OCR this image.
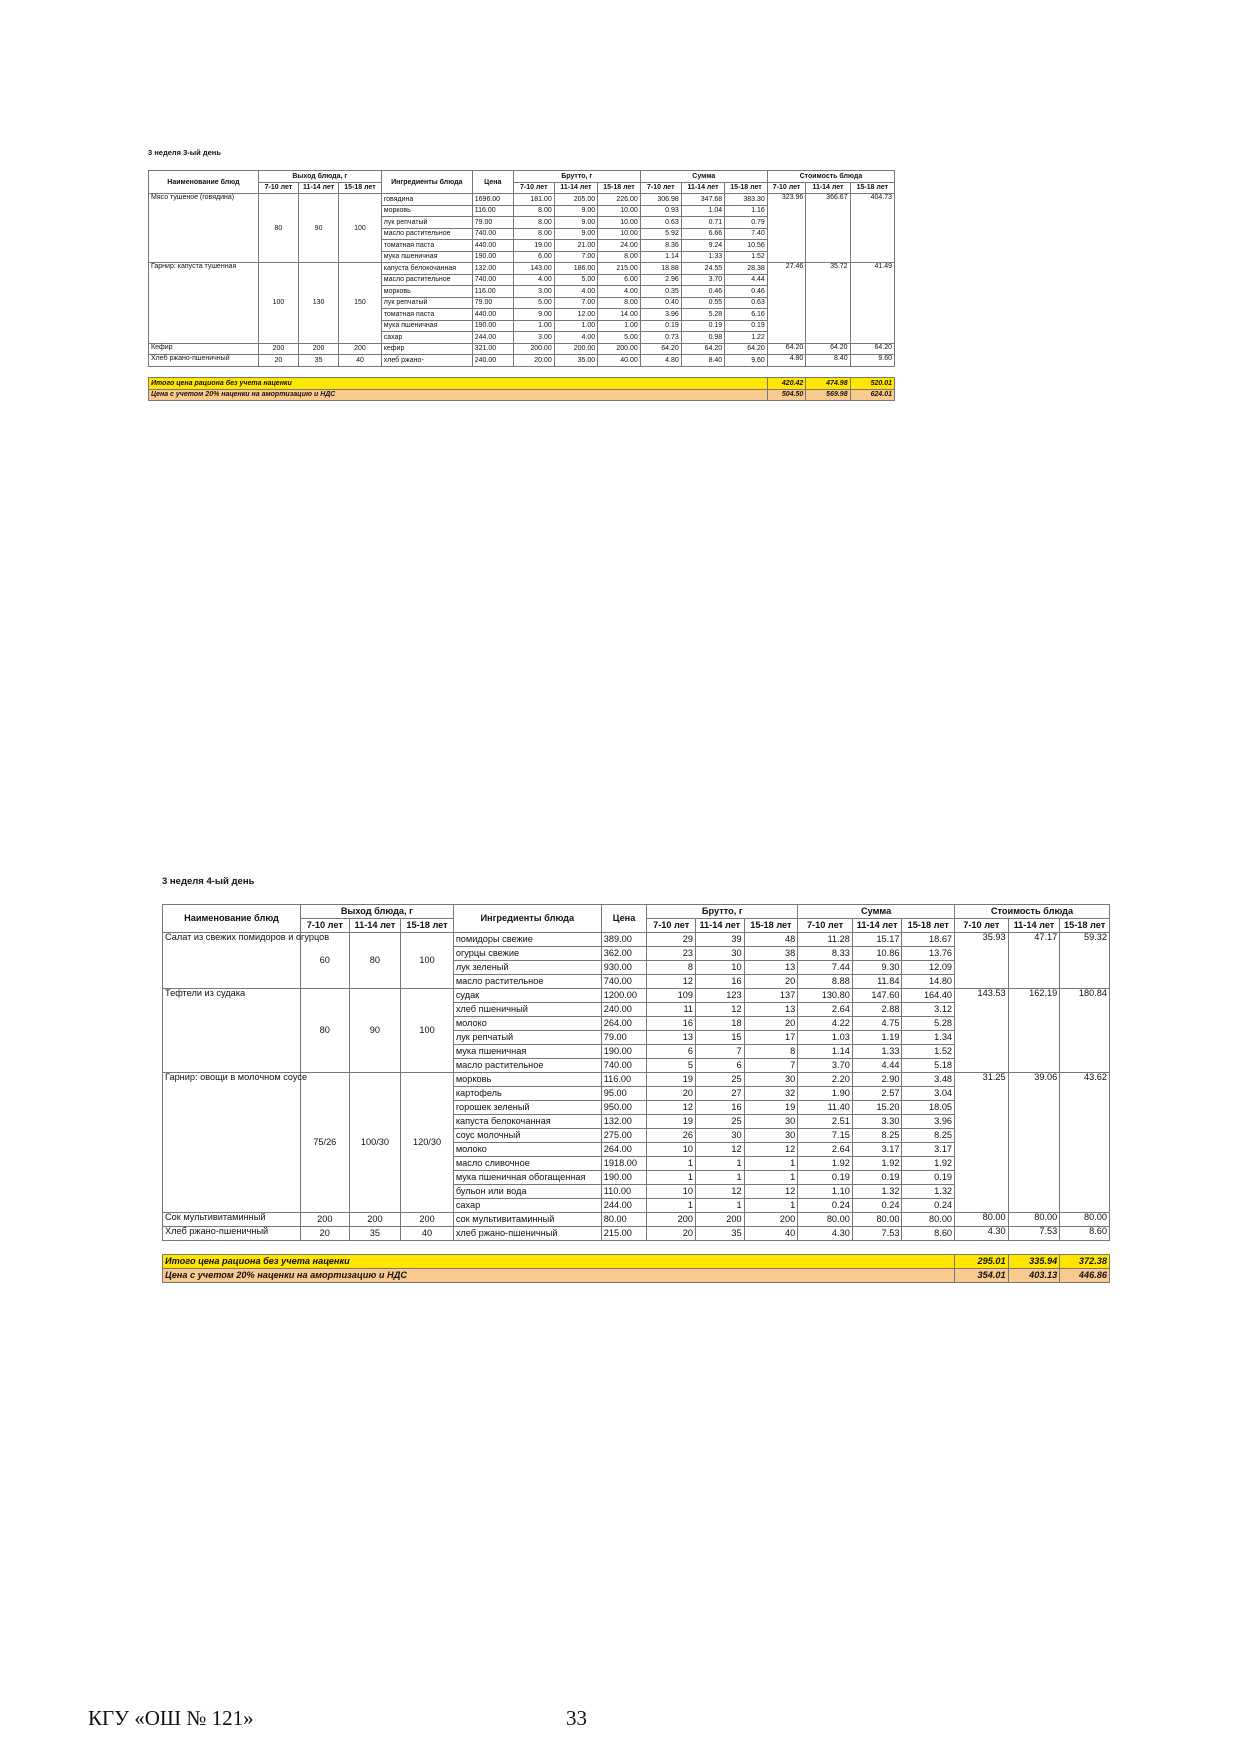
3 неделя 3-ый день
Наименование блюд	Выход блюда, г			Ингредиенты блюда	Цена	Брутто, г			Сумма			Стоимость блюда		
	7-10 лет	11-14 лет	15-18 лет			7-10 лет	11-14 лет	15-18 лет	7-10 лет	11-14 лет	15-18 лет	7-10 лет	11-14 лет	15-18 лет
Мясо тушеное (говядина)	80	90	100	говядина	1696.00	181.00	205.00	226.00	306.98	347.68	383.30	323.96	366.67	404.73
				морковь	116.00	8.00	9.00	10.00	0.93	1.04	1.16			
				лук репчатый	79.00	8.00	9.00	10.00	0.63	0.71	0.79			
				масло растительное	740.00	8.00	9.00	10.00	5.92	6.66	7.40			
				томатная паста	440.00	19.00	21.00	24.00	8.36	9.24	10.56			
				мука пшеничная	190.00	6.00	7.00	8.00	1.14	1.33	1.52			
Гарнир: капуста тушенная	100	130	150	капуста белокочанная	132.00	143.00	186.00	215.00	18.88	24.55	28.38	27.46	35.72	41.49
				масло растительное	740.00	4.00	5.00	6.00	2.96	3.70	4.44			
				морковь	116.00	3.00	4.00	4.00	0.35	0.46	0.46			
				лук репчатый	79.00	5.00	7.00	8.00	0.40	0.55	0.63			
				томатная паста	440.00	9.00	12.00	14.00	3.96	5.28	6.16			
				мука пшеничная	190.00	1.00	1.00	1.00	0.19	0.19	0.19			
				сахар	244.00	3.00	4.00	5.00	0.73	0.98	1.22			
Кефир	200	200	200	кефир	321.00	200.00	200.00	200.00	64.20	64.20	64.20	64.20	64.20	64.20
Хлеб ржано-пшеничный	20	35	40	хлеб ржано-	240.00	20.00	35.00	40.00	4.80	8.40	9.60	4.80	8.40	9.60

Итого цена рациона без учета наценки												420.42	474.98	520.01
Цена с учетом 20% наценки на амортизацию и НДС												504.50	569.98	624.01
3 неделя 4-ый день
Наименование блюд	Выход блюда, г			Ингредиенты блюда	Цена	Брутто, г			Сумма			Стоимость блюда		
	7-10 лет	11-14 лет	15-18 лет			7-10 лет	11-14 лет	15-18 лет	7-10 лет	11-14 лет	15-18 лет	7-10 лет	11-14 лет	15-18 лет
Салат из свежих помидоров и огурцов	60	80	100	помидоры свежие	389.00	29	39	48	11.28	15.17	18.67	35.93	47.17	59.32
				огурцы свежие	362.00	23	30	38	8.33	10.86	13.76			
				лук зеленый	930.00	8	10	13	7.44	9.30	12.09			
				масло растительное	740.00	12	16	20	8.88	11.84	14.80			
Тефтели из судака	80	90	100	судак	1200.00	109	123	137	130.80	147.60	164.40	143.53	162.19	180.84
				хлеб пшеничный	240.00	11	12	13	2.64	2.88	3.12			
				молоко	264.00	16	18	20	4.22	4.75	5.28			
				лук репчатый	79.00	13	15	17	1.03	1.19	1.34			
				мука пшеничная	190.00	6	7	8	1.14	1.33	1.52			
				масло растительное	740.00	5	6	7	3.70	4.44	5.18			
Гарнир: овощи в молочном соусе	75/26	100/30	120/30	морковь	116.00	19	25	30	2.20	2.90	3.48	31.25	39.06	43.62
				картофель	95.00	20	27	32	1.90	2.57	3.04			
				горошек зеленый	950.00	12	16	19	11.40	15.20	18.05			
				капуста белокочанная	132.00	19	25	30	2.51	3.30	3.96			
				соус молочный	275.00	26	30	30	7.15	8.25	8.25			
				молоко	264.00	10	12	12	2.64	3.17	3.17			
				масло сливочное	1918.00	1	1	1	1.92	1.92	1.92			
				мука пшеничная обогащенная	190.00	1	1	1	0.19	0.19	0.19			
				бульон или вода	110.00	10	12	12	1.10	1.32	1.32			
				сахар	244.00	1	1	1	0.24	0.24	0.24			
Сок мультивитаминный	200	200	200	сок мультивитаминный	80.00	200	200	200	80.00	80.00	80.00	80.00	80.00	80.00
Хлеб ржано-пшеничный	20	35	40	хлеб ржано-пшеничный	215.00	20	35	40	4.30	7.53	8.60	4.30	7.53	8.60

Итого цена рациона без учета наценки												295.01	335.94	372.38
Цена с учетом 20% наценки на амортизацию и НДС												354.01	403.13	446.86
КГУ «ОШ № 121»	33
